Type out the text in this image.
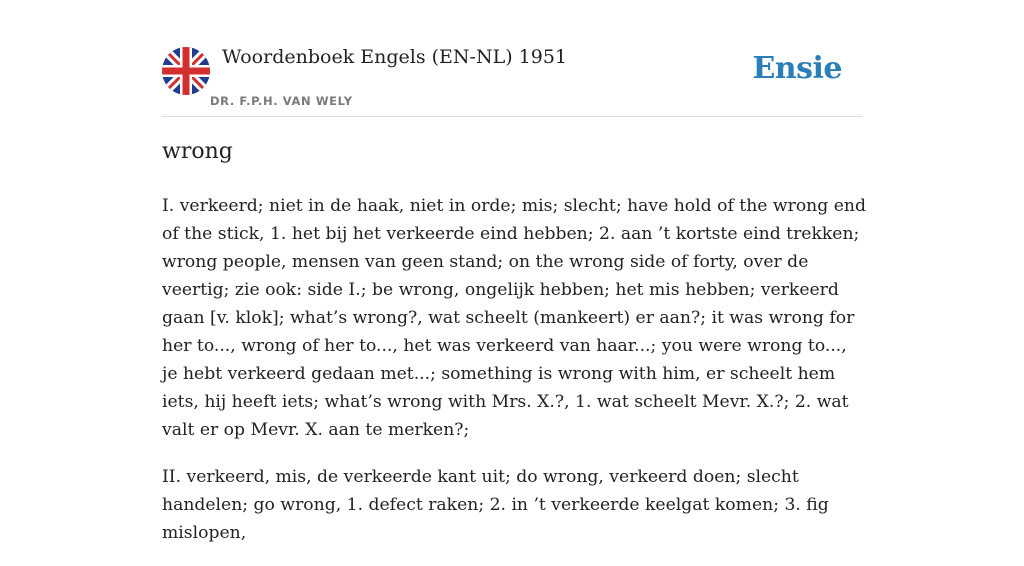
Woordenboek Engels (EN-NL) 1951
DR. F.P.H. VAN WELY
Ensie
wrong

I. verkeerd; niet in de haak, niet in orde; mis; slecht; have hold of the wrong end of the stick, 1. het bij het verkeerde eind hebben; 2. aan ’t kortste eind trekken; wrong people, mensen van geen stand; on the wrong side of forty, over de veertig; zie ook: side I.; be wrong, ongelijk hebben; het mis hebben; verkeerd gaan [v. klok]; what’s wrong?, wat scheelt (mankeert) er aan?; it was wrong for her to..., wrong of her to..., het was verkeerd van haar...; you were wrong to..., je hebt verkeerd gedaan met...; something is wrong with him, er scheelt hem iets, hij heeft iets; what’s wrong with Mrs. X.?, 1. wat scheelt Mevr. X.?; 2. wat valt er op Mevr. X. aan te merken?;

II. verkeerd, mis, de verkeerde kant uit; do wrong, verkeerd doen; slecht handelen; go wrong, 1. defect raken; 2. in ’t verkeerde keelgat komen; 3. fig mislopen,
